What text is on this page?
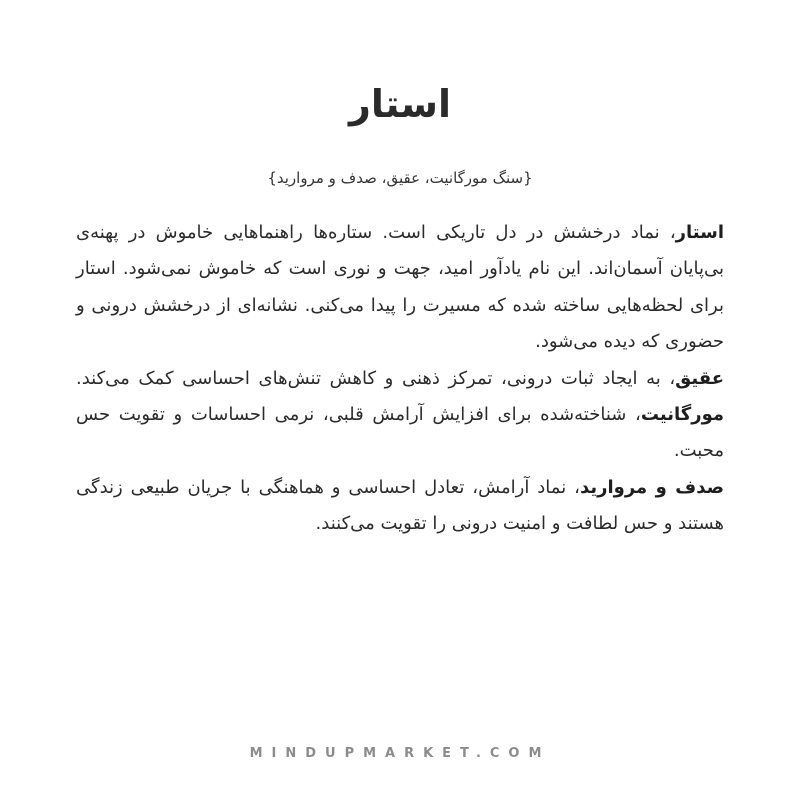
استار
{سنگ مورگانیت، عقیق، صدف و مروارید}

استار، نماد درخشش در دل تاریکی است. ستاره‌ها راهنماهایی خاموش در پهنه‌ی بی‌پایان آسمان‌اند. این نام یادآور امید، جهت و نوری است که خاموش نمی‌شود. استار برای لحظه‌هایی ساخته شده که مسیرت را پیدا می‌کنی. نشانه‌ای از درخشش درونی و حضوری که دیده می‌شود.

عقیق، به ایجاد ثبات درونی، تمرکز ذهنی و کاهش تنش‌های احساسی کمک می‌کند. مورگانیت، شناخته‌شده برای افزایش آرامش قلبی، نرمی احساسات و تقویت حس محبت.

صدف و مروارید، نماد آرامش، تعادل احساسی و هماهنگی با جریان طبیعی زندگی هستند و حس لطافت و امنیت درونی را تقویت می‌کنند.

MINDUPMARKET.COM
